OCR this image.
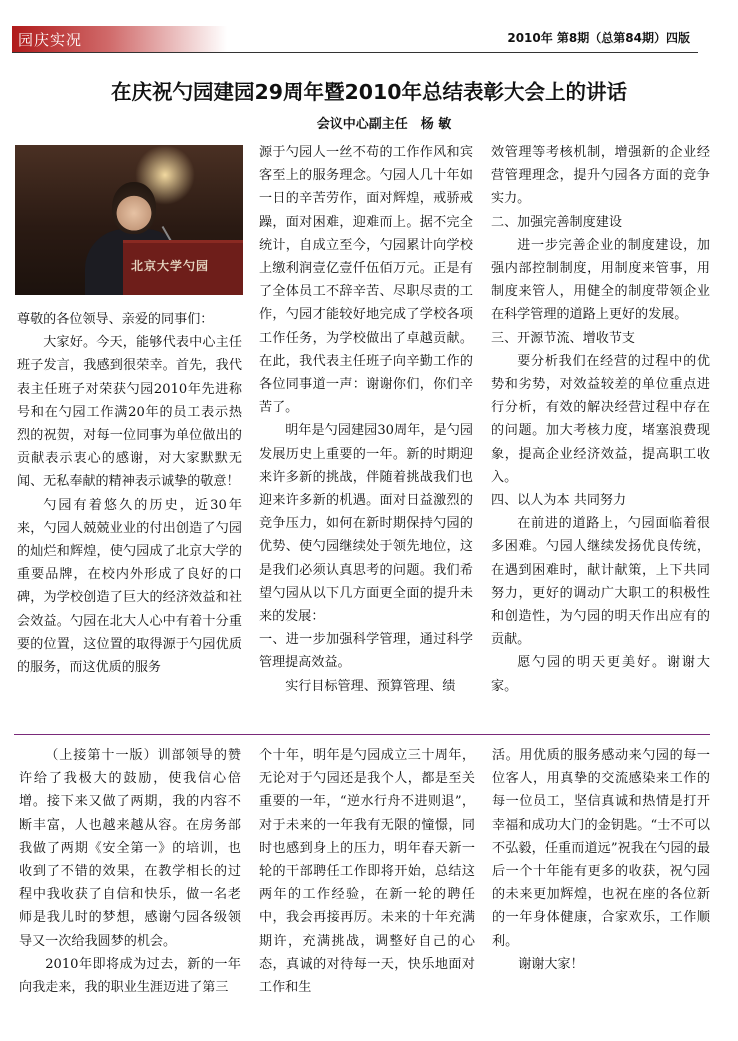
园庆实况	2010年 第8期（总第84期）四版
在庆祝勺园建园29周年暨2010年总结表彰大会上的讲话
会议中心副主任　杨 敏
北京大学勺园

尊敬的各位领导、亲爱的同事们：

大家好。今天，能够代表中心主任班子发言，我感到很荣幸。首先，我代表主任班子对荣获勺园2010年先进称号和在勺园工作满20年的员工表示热烈的祝贺，对每一位同事为单位做出的贡献表示衷心的感谢，对大家默默无闻、无私奉献的精神表示诚挚的敬意！

勺园有着悠久的历史，近30年来，勺园人兢兢业业的付出创造了勺园的灿烂和辉煌，使勺园成了北京大学的重要品牌，在校内外形成了良好的口碑，为学校创造了巨大的经济效益和社会效益。勺园在北大人心中有着十分重要的位置，这位置的取得源于勺园优质的服务，而这优质的服务

源于勺园人一丝不苟的工作作风和宾客至上的服务理念。勺园人几十年如一日的辛苦劳作，面对辉煌，戒骄戒躁，面对困难，迎难而上。据不完全统计，自成立至今，勺园累计向学校上缴利润壹亿壹仟伍佰万元。正是有了全体员工不辞辛苦、尽职尽责的工作，勺园才能较好地完成了学校各项工作任务，为学校做出了卓越贡献。在此，我代表主任班子向辛勤工作的各位同事道一声：谢谢你们，你们辛苦了。

明年是勺园建园30周年，是勺园发展历史上重要的一年。新的时期迎来许多新的挑战，伴随着挑战我们也迎来许多新的机遇。面对日益激烈的竞争压力，如何在新时期保持勺园的优势、使勺园继续处于领先地位，这是我们必须认真思考的问题。我们希望勺园从以下几方面更全面的提升未来的发展：

一、进一步加强科学管理，通过科学管理提高效益。

实行目标管理、预算管理、绩

效管理等考核机制，增强新的企业经营管理理念，提升勺园各方面的竞争实力。

二、加强完善制度建设

进一步完善企业的制度建设，加强内部控制制度，用制度来管事，用制度来管人，用健全的制度带领企业在科学管理的道路上更好的发展。

三、开源节流、增收节支

要分析我们在经营的过程中的优势和劣势，对效益较差的单位重点进行分析，有效的解决经营过程中存在的问题。加大考核力度，堵塞浪费现象，提高企业经济效益，提高职工收入。

四、以人为本 共同努力

在前进的道路上，勺园面临着很多困难。勺园人继续发扬优良传统，在遇到困难时，献计献策，上下共同努力，更好的调动广大职工的积极性和创造性，为勺园的明天作出应有的贡献。

愿勺园的明天更美好。谢谢大家。

（上接第十一版）训部领导的赞许给了我极大的鼓励，使我信心倍增。接下来又做了两期，我的内容不断丰富，人也越来越从容。在房务部我做了两期《安全第一》的培训，也收到了不错的效果，在教学相长的过程中我收获了自信和快乐，做一名老师是我儿时的梦想，感谢勺园各级领导又一次给我圆梦的机会。

2010年即将成为过去，新的一年向我走来，我的职业生涯迈进了第三

个十年，明年是勺园成立三十周年，无论对于勺园还是我个人，都是至关重要的一年，“逆水行舟不进则退”，对于未来的一年我有无限的憧憬，同时也感到身上的压力，明年春天新一轮的干部聘任工作即将开始，总结这两年的工作经验，在新一轮的聘任中，我会再接再厉。未来的十年充满期许，充满挑战，调整好自己的心态，真诚的对待每一天，快乐地面对工作和生

活。用优质的服务感动来勺园的每一位客人，用真挚的交流感染来工作的每一位员工，坚信真诚和热情是打开幸福和成功大门的金钥匙。“士不可以不弘毅，任重而道远”祝我在勺园的最后一个十年能有更多的收获，祝勺园的未来更加辉煌，也祝在座的各位新的一年身体健康，合家欢乐，工作顺利。

谢谢大家！
